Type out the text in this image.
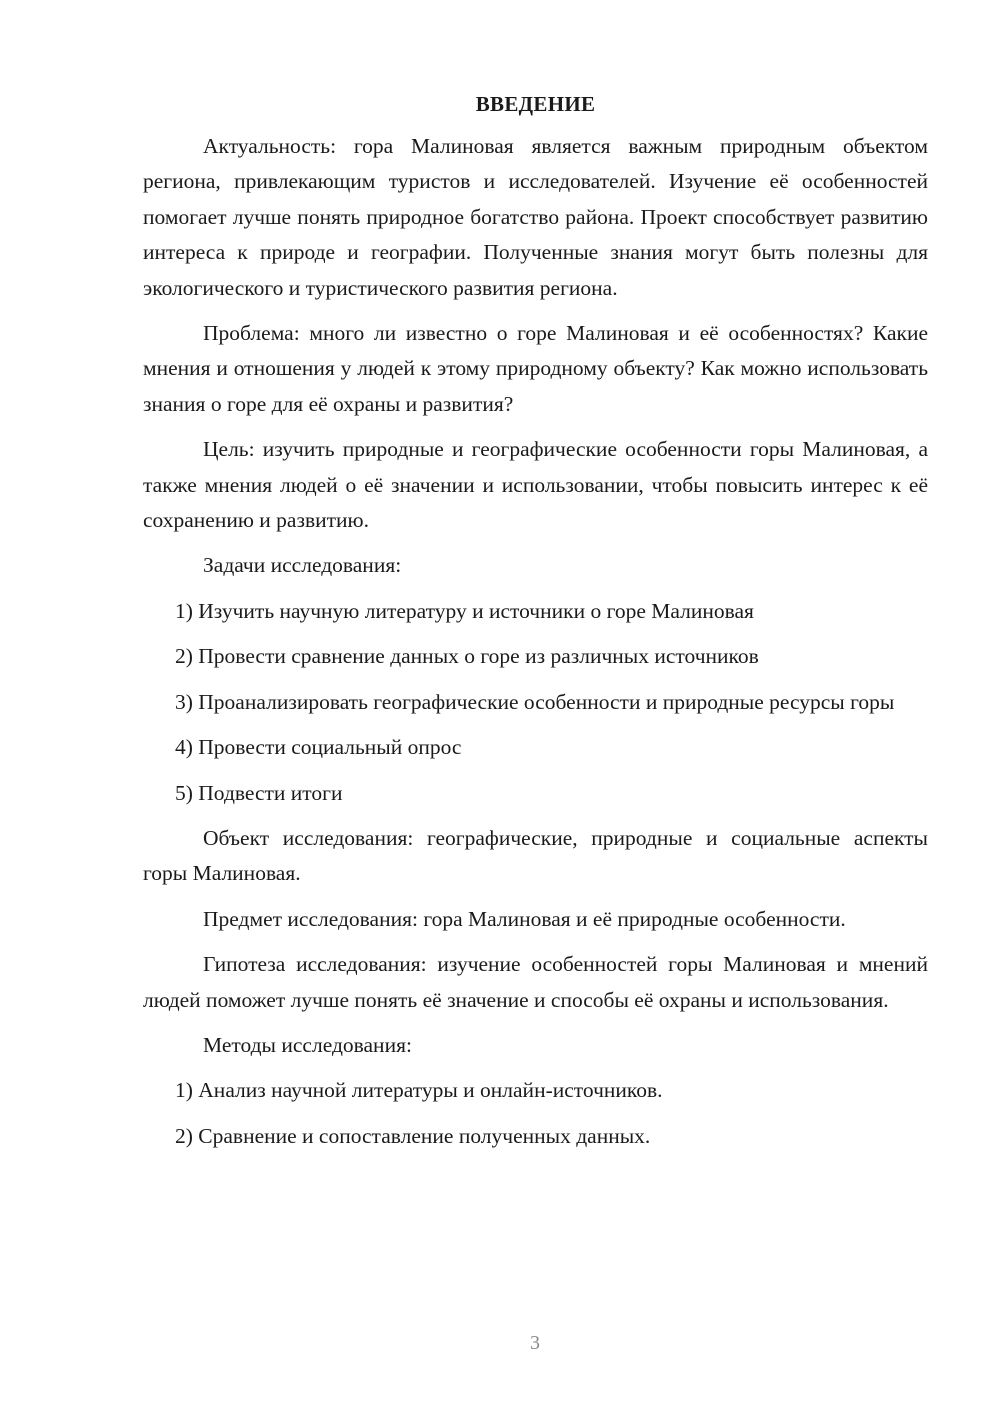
ВВЕДЕНИЕ

Актуальность: гора Малиновая является важным природным объектом региона, привлекающим туристов и исследователей. Изучение её особенностей помогает лучше понять природное богатство района. Проект способствует развитию интереса к природе и географии. Полученные знания могут быть полезны для экологического и туристического развития региона.

Проблема: много ли известно о горе Малиновая и её особенностях? Какие мнения и отношения у людей к этому природному объекту? Как можно использовать знания о горе для её охраны и развития?

Цель: изучить природные и географические особенности горы Малиновая, а также мнения людей о её значении и использовании, чтобы повысить интерес к её сохранению и развитию.

Задачи исследования:

1) Изучить научную литературу и источники о горе Малиновая

2) Провести сравнение данных о горе из различных источников

3) Проанализировать географические особенности и природные ресурсы горы

4) Провести социальный опрос

5) Подвести итоги

Объект исследования: географические, природные и социальные аспекты горы Малиновая.

Предмет исследования: гора Малиновая и её природные особенности.

Гипотеза исследования: изучение особенностей горы Малиновая и мнений людей поможет лучше понять её значение и способы её охраны и использования.

Методы исследования:

1) Анализ научной литературы и онлайн-источников.

2) Сравнение и сопоставление полученных данных.

3
